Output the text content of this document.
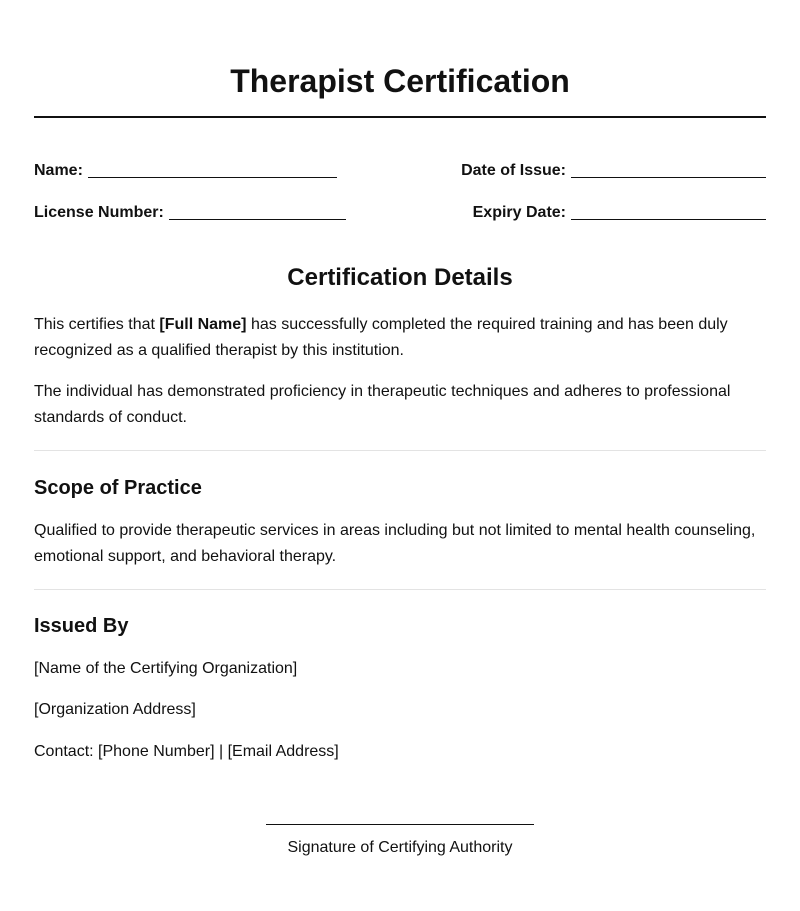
Therapist Certification
Name:	Date of Issue:
License Number:	Expiry Date:
Certification Details

This certifies that [Full Name] has successfully completed the required training and has been duly recognized as a qualified therapist by this institution.

The individual has demonstrated proficiency in therapeutic techniques and adheres to professional standards of conduct.

Scope of Practice

Qualified to provide therapeutic services in areas including but not limited to mental health counseling, emotional support, and behavioral therapy.

Issued By

[Name of the Certifying Organization]

[Organization Address]

Contact: [Phone Number] | [Email Address]

Signature of Certifying Authority
